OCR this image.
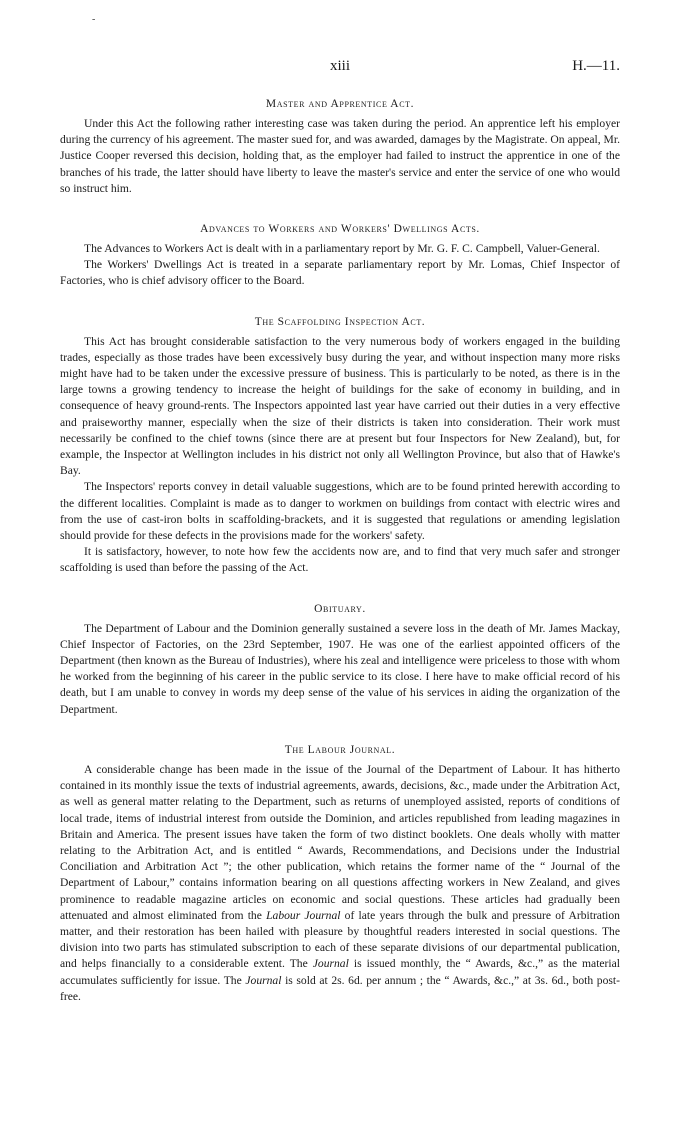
-
xiii	H.—11.
Master and Apprentice Act.

Under this Act the following rather interesting case was taken during the period. An apprentice left his employer during the currency of his agreement. The master sued for, and was awarded, damages by the Magistrate. On appeal, Mr. Justice Cooper reversed this decision, holding that, as the employer had failed to instruct the apprentice in one of the branches of his trade, the latter should have liberty to leave the master's service and enter the service of one who would so instruct him.

Advances to Workers and Workers' Dwellings Acts.

The Advances to Workers Act is dealt with in a parliamentary report by Mr. G. F. C. Campbell, Valuer-General.

The Workers' Dwellings Act is treated in a separate parliamentary report by Mr. Lomas, Chief Inspector of Factories, who is chief advisory officer to the Board.

The Scaffolding Inspection Act.

This Act has brought considerable satisfaction to the very numerous body of workers engaged in the building trades, especially as those trades have been excessively busy during the year, and without inspection many more risks might have had to be taken under the excessive pressure of business. This is particularly to be noted, as there is in the large towns a growing tendency to increase the height of buildings for the sake of economy in building, and in consequence of heavy ground-rents. The Inspectors appointed last year have carried out their duties in a very effective and praiseworthy manner, especially when the size of their districts is taken into consideration. Their work must necessarily be confined to the chief towns (since there are at present but four Inspectors for New Zealand), but, for example, the Inspector at Wellington includes in his district not only all Wellington Province, but also that of Hawke's Bay.

The Inspectors' reports convey in detail valuable suggestions, which are to be found printed herewith according to the different localities. Complaint is made as to danger to workmen on buildings from contact with electric wires and from the use of cast-iron bolts in scaffolding-brackets, and it is suggested that regulations or amending legislation should provide for these defects in the provisions made for the workers' safety.

It is satisfactory, however, to note how few the accidents now are, and to find that very much safer and stronger scaffolding is used than before the passing of the Act.

Obituary.

The Department of Labour and the Dominion generally sustained a severe loss in the death of Mr. James Mackay, Chief Inspector of Factories, on the 23rd September, 1907. He was one of the earliest appointed officers of the Department (then known as the Bureau of Industries), where his zeal and intelligence were priceless to those with whom he worked from the beginning of his career in the public service to its close. I here have to make official record of his death, but I am unable to convey in words my deep sense of the value of his services in aiding the organization of the Department.

The Labour Journal.

A considerable change has been made in the issue of the Journal of the Department of Labour. It has hitherto contained in its monthly issue the texts of industrial agreements, awards, decisions, &c., made under the Arbitration Act, as well as general matter relating to the Department, such as returns of unemployed assisted, reports of conditions of local trade, items of industrial interest from outside the Dominion, and articles republished from leading magazines in Britain and America. The present issues have taken the form of two distinct booklets. One deals wholly with matter relating to the Arbitration Act, and is entitled “ Awards, Recommendations, and Decisions under the Industrial Conciliation and Arbitration Act ”; the other publication, which retains the former name of the “ Journal of the Department of Labour,” contains information bearing on all questions affecting workers in New Zealand, and gives prominence to readable magazine articles on economic and social questions. These articles had gradually been attenuated and almost eliminated from the Labour Journal of late years through the bulk and pressure of Arbitration matter, and their restoration has been hailed with pleasure by thoughtful readers interested in social questions. The division into two parts has stimulated subscription to each of these separate divisions of our departmental publication, and helps financially to a considerable extent. The Journal is issued monthly, the “ Awards, &c.,” as the material accumulates sufficiently for issue. The Journal is sold at 2s. 6d. per annum ; the “ Awards, &c.,” at 3s. 6d., both post-free.
